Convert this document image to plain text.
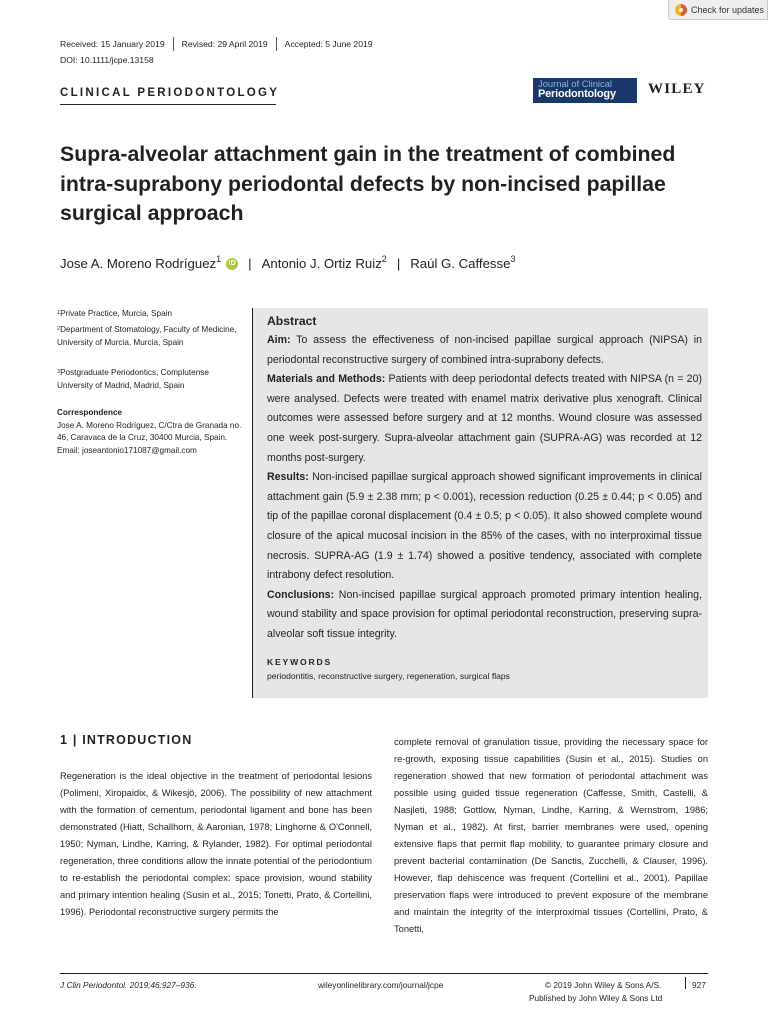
Check for updates
Received: 15 January 2019 Revised: 29 April 2019 Accepted: 5 June 2019
DOI: 10.1111/jcpe.13158
CLINICAL PERIODONTOLOGY
Journal of Clinical
Periodontology	WILEY
Supra-alveolar attachment gain in the treatment of combined intra-suprabony periodontal defects by non-incised papillae surgical approach
Jose A. Moreno Rodríguez$^1$	iD | Antonio J. Ortiz Ruiz$^2$ | Raúl G. Caffesse$^3$
$^1$Private Practice, Murcia, Spain
$^2$Department of Stomatology, Faculty of Medicine, University of Murcia, Murcia, Spain
$^3$Postgraduate Periodontics, Complutense University of Madrid, Madrid, Spain
Correspondence
Jose A. Moreno Rodríguez, C/Ctra de Granada no. 46, Caravaca de la Cruz, 30400 Murcia, Spain.
Email: joseantonio171087@gmail.com
Abstract

Aim: To assess the effectiveness of non-incised papillae surgical approach (NIPSA) in periodontal reconstructive surgery of combined intra-suprabony defects.

Materials and Methods: Patients with deep periodontal defects treated with NIPSA (n = 20) were analysed. Defects were treated with enamel matrix derivative plus xenograft. Clinical outcomes were assessed before surgery and at 12 months. Wound closure was assessed one week post-surgery. Supra-alveolar attachment gain (SUPRA-AG) was recorded at 12 months post-surgery.

Results: Non-incised papillae surgical approach showed significant improvements in clinical attachment gain (5.9 ± 2.38 mm; p < 0.001), recession reduction (0.25 ± 0.44; p < 0.05) and tip of the papillae coronal displacement (0.4 ± 0.5; p < 0.05). It also showed complete wound closure of the apical mucosal incision in the 85% of the cases, with no interproximal tissue necrosis. SUPRA-AG (1.9 ± 1.74) showed a positive tendency, associated with complete intrabony defect resolution.

Conclusions: Non-incised papillae surgical approach promoted primary intention healing, wound stability and space provision for optimal periodontal reconstruction, preserving supra-alveolar soft tissue integrity.

KEYWORDS
periodontitis, reconstructive surgery, regeneration, surgical flaps
1 | INTRODUCTION

Regeneration is the ideal objective in the treatment of periodontal lesions (Polimeni, Xiropaidix, & Wikesjö, 2006). The possibility of new attachment with the formation of cementum, periodontal ligament and bone has been demonstrated (Hiatt, Schallhorn, & Aaronian, 1978; Linghorne & O'Connell, 1950; Nyman, Lindhe, Karring, & Rylander, 1982). For optimal periodontal regeneration, three conditions allow the innate potential of the periodontium to re-establish the periodontal complex: space provision, wound stability and primary intention healing (Susin et al., 2015; Tonetti, Prato, & Cortellini, 1996). Periodontal reconstructive surgery permits the

complete removal of granulation tissue, providing the necessary space for re-growth, exposing tissue capabilities (Susin et al., 2015). Studies on regeneration showed that new formation of periodontal attachment was possible using guided tissue regeneration (Caffesse, Smith, Castelli, & Nasjleti, 1988; Gottlow, Nyman, Lindhe, Karring, & Wernstrom, 1986; Nyman et al., 1982). At first, barrier membranes were used, opening extensive flaps that permit flap mobility, to guarantee primary closure and prevent bacterial contamination (De Sanctis, Zucchelli, & Clauser, 1996). However, flap dehiscence was frequent (Cortellini et al., 2001). Papillae preservation flaps were introduced to prevent exposure of the membrane and maintain the integrity of the interproximal tissues (Cortellini, Prato, & Tonetti,

J Clin Periodontol. 2019;46:927–936.	wileyonlinelibrary.com/journal/jcpe	© 2019 John Wiley & Sons A/S.
Published by John Wiley & Sons Ltd
927
